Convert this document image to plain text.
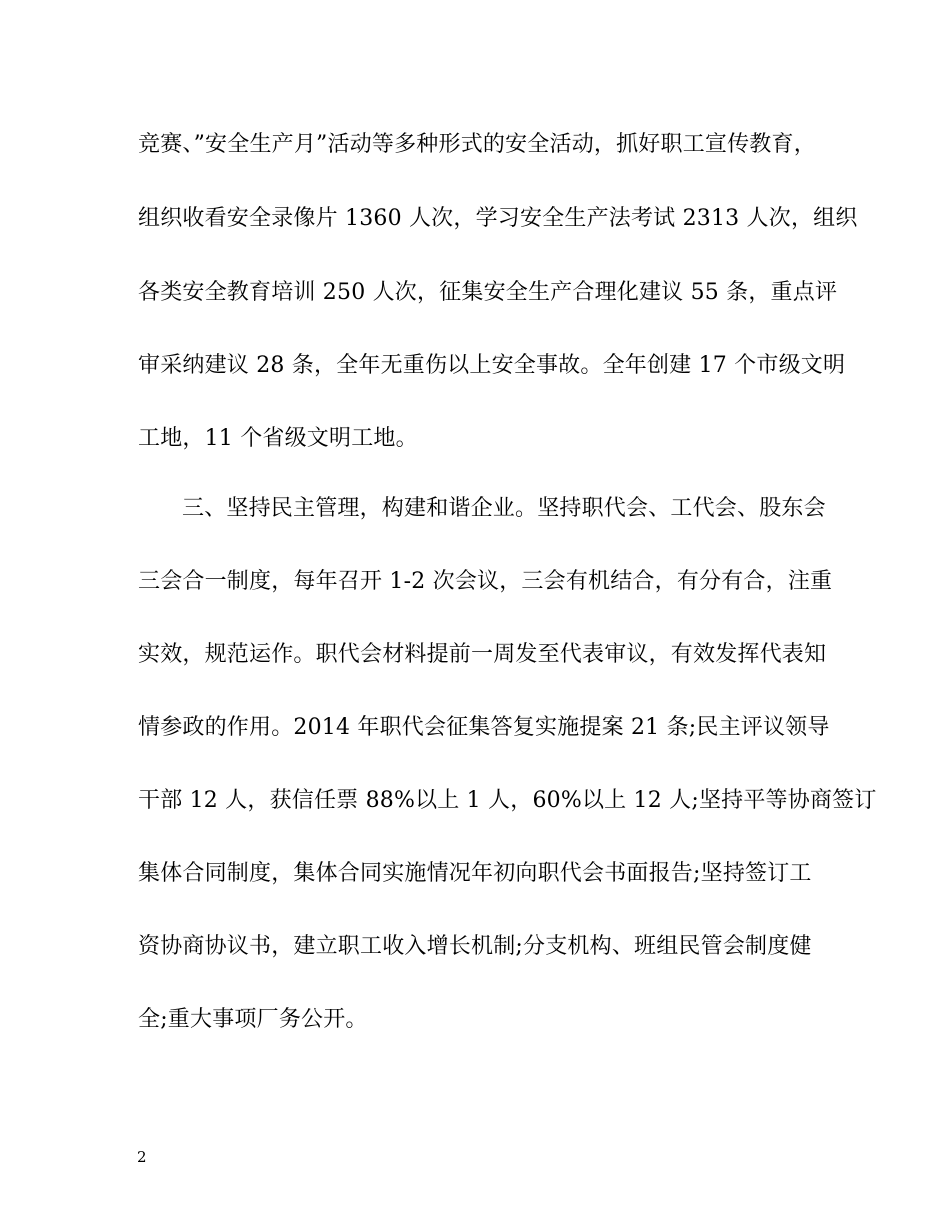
竞赛、”安全生产月”活动等多种形式的安全活动，抓好职工宣传教育，
组织收看安全录像片 1360 人次，学习安全生产法考试 2313 人次，组织
各类安全教育培训 250 人次，征集安全生产合理化建议 55 条，重点评
审采纳建议 28 条，全年无重伤以上安全事故。全年创建 17 个市级文明
工地，11 个省级文明工地。
三、坚持民主管理，构建和谐企业。坚持职代会、工代会、股东会
三会合一制度，每年召开 1-2 次会议，三会有机结合，有分有合，注重
实效，规范运作。职代会材料提前一周发至代表审议，有效发挥代表知
情参政的作用。2014 年职代会征集答复实施提案 21 条;民主评议领导
干部 12 人，获信任票 88%以上 1 人，60%以上 12 人;坚持平等协商签订
集体合同制度，集体合同实施情况年初向职代会书面报告;坚持签订工
资协商协议书，建立职工收入增长机制;分支机构、班组民管会制度健
全;重大事项厂务公开。
2
